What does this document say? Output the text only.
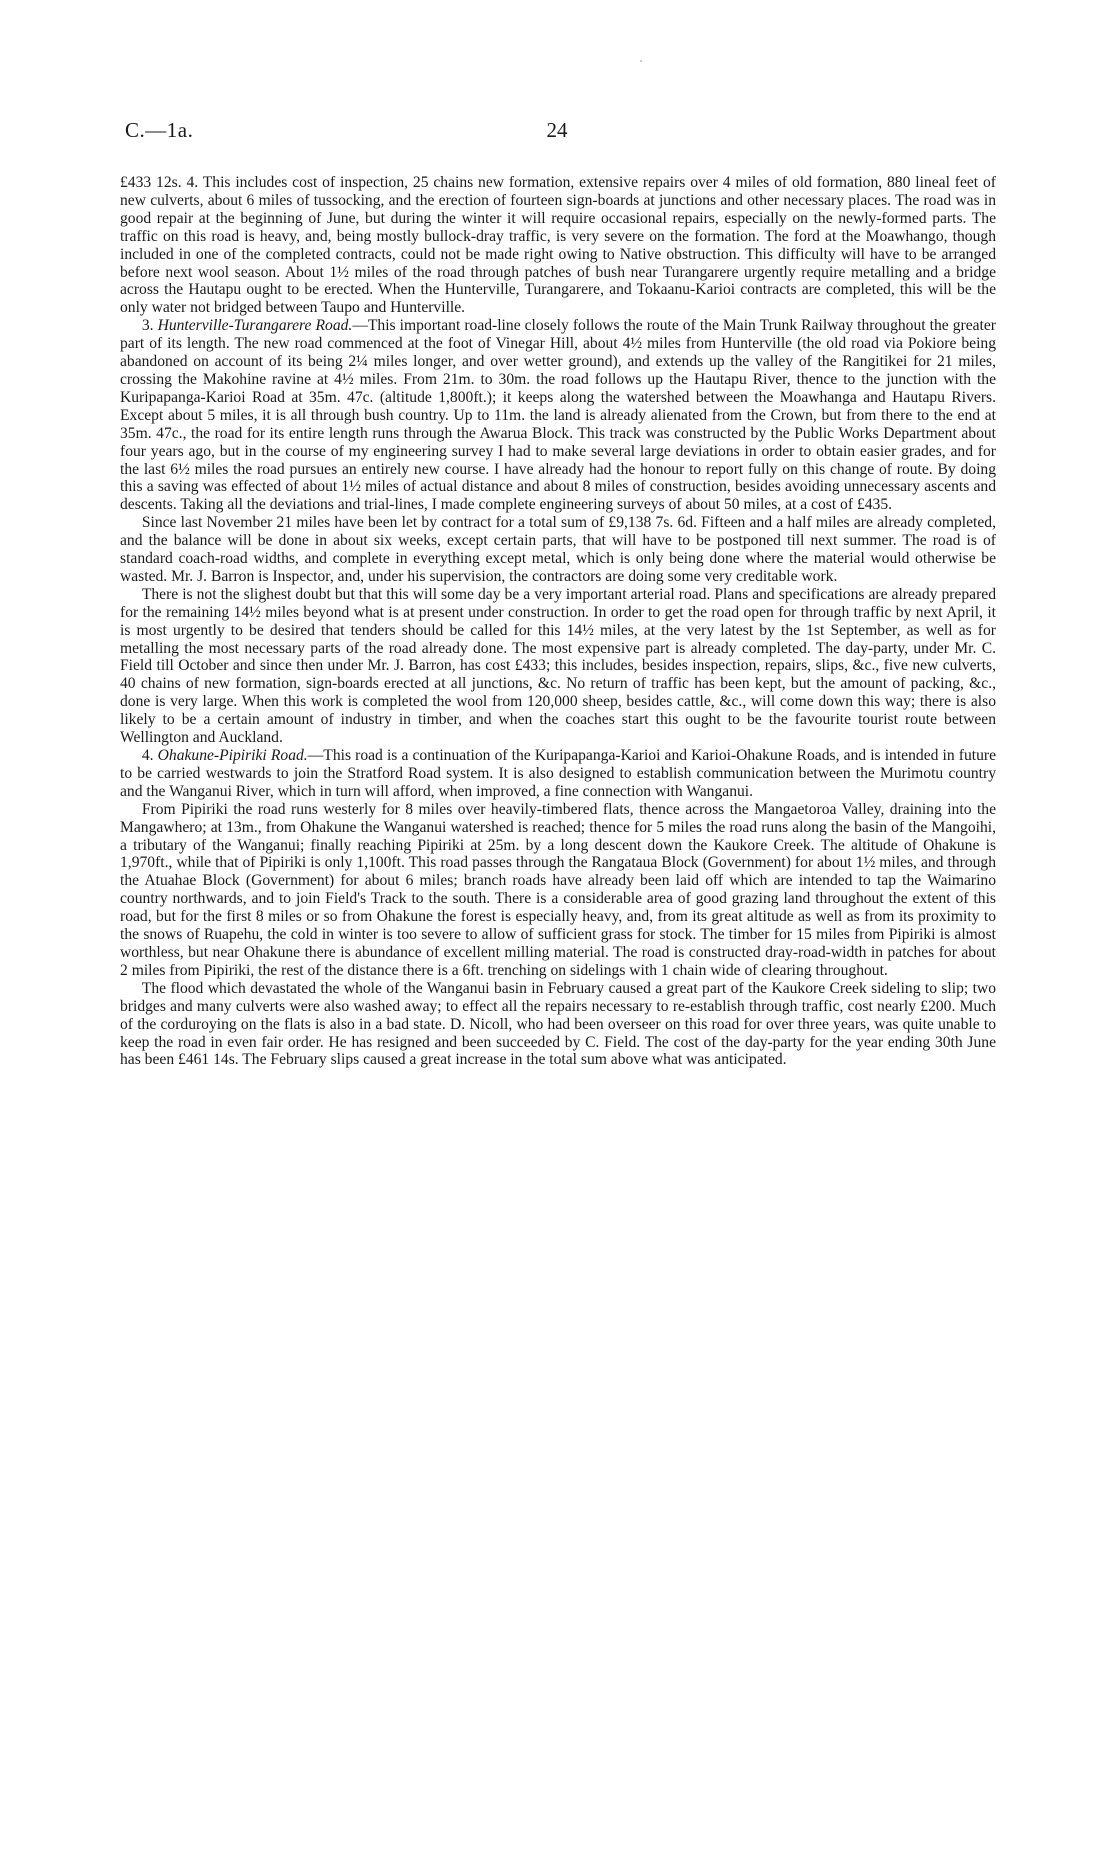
C.—1a.	24

£433 12s. 4. This includes cost of inspection, 25 chains new formation, extensive repairs over 4 miles of old formation, 880 lineal feet of new culverts, about 6 miles of tussocking, and the erection of fourteen sign-boards at junctions and other necessary places. The road was in good repair at the beginning of June, but during the winter it will require occasional repairs, especially on the newly-formed parts. The traffic on this road is heavy, and, being mostly bullock-dray traffic, is very severe on the formation. The ford at the Moawhango, though included in one of the completed contracts, could not be made right owing to Native obstruction. This difficulty will have to be arranged before next wool season. About 1½ miles of the road through patches of bush near Turangarere urgently require metalling and a bridge across the Hautapu ought to be erected. When the Hunterville, Turangarere, and Tokaanu-Karioi contracts are completed, this will be the only water not bridged between Taupo and Hunterville.

3. Hunterville-Turangarere Road.—This important road-line closely follows the route of the Main Trunk Railway throughout the greater part of its length. The new road commenced at the foot of Vinegar Hill, about 4½ miles from Hunterville (the old road via Pokiore being abandoned on account of its being 2¼ miles longer, and over wetter ground), and extends up the valley of the Rangitikei for 21 miles, crossing the Makohine ravine at 4½ miles. From 21m. to 30m. the road follows up the Hautapu River, thence to the junction with the Kuripapanga-Karioi Road at 35m. 47c. (altitude 1,800ft.); it keeps along the watershed between the Moawhanga and Hautapu Rivers. Except about 5 miles, it is all through bush country. Up to 11m. the land is already alienated from the Crown, but from there to the end at 35m. 47c., the road for its entire length runs through the Awarua Block. This track was constructed by the Public Works Department about four years ago, but in the course of my engineering survey I had to make several large deviations in order to obtain easier grades, and for the last 6½ miles the road pursues an entirely new course. I have already had the honour to report fully on this change of route. By doing this a saving was effected of about 1½ miles of actual distance and about 8 miles of construction, besides avoiding unnecessary ascents and descents. Taking all the deviations and trial-lines, I made complete engineering surveys of about 50 miles, at a cost of £435.

Since last November 21 miles have been let by contract for a total sum of £9,138 7s. 6d. Fifteen and a half miles are already completed, and the balance will be done in about six weeks, except certain parts, that will have to be postponed till next summer. The road is of standard coach-road widths, and complete in everything except metal, which is only being done where the material would otherwise be wasted. Mr. J. Barron is Inspector, and, under his supervision, the contractors are doing some very creditable work.

There is not the slighest doubt but that this will some day be a very important arterial road. Plans and specifications are already prepared for the remaining 14½ miles beyond what is at present under construction. In order to get the road open for through traffic by next April, it is most urgently to be desired that tenders should be called for this 14½ miles, at the very latest by the 1st September, as well as for metalling the most necessary parts of the road already done. The most expensive part is already completed. The day-party, under Mr. C. Field till October and since then under Mr. J. Barron, has cost £433; this includes, besides inspection, repairs, slips, &c., five new culverts, 40 chains of new formation, sign-boards erected at all junctions, &c. No return of traffic has been kept, but the amount of packing, &c., done is very large. When this work is completed the wool from 120,000 sheep, besides cattle, &c., will come down this way; there is also likely to be a certain amount of industry in timber, and when the coaches start this ought to be the favourite tourist route between Wellington and Auckland.

4. Ohakune-Pipiriki Road.—This road is a continuation of the Kuripapanga-Karioi and Karioi-Ohakune Roads, and is intended in future to be carried westwards to join the Stratford Road system. It is also designed to establish communication between the Murimotu country and the Wanganui River, which in turn will afford, when improved, a fine connection with Wanganui.

From Pipiriki the road runs westerly for 8 miles over heavily-timbered flats, thence across the Mangaetoroa Valley, draining into the Mangawhero; at 13m., from Ohakune the Wanganui watershed is reached; thence for 5 miles the road runs along the basin of the Mangoihi, a tributary of the Wanganui; finally reaching Pipiriki at 25m. by a long descent down the Kaukore Creek. The altitude of Ohakune is 1,970ft., while that of Pipiriki is only 1,100ft. This road passes through the Rangataua Block (Government) for about 1½ miles, and through the Atuahae Block (Government) for about 6 miles; branch roads have already been laid off which are intended to tap the Waimarino country northwards, and to join Field's Track to the south. There is a considerable area of good grazing land throughout the extent of this road, but for the first 8 miles or so from Ohakune the forest is especially heavy, and, from its great altitude as well as from its proximity to the snows of Ruapehu, the cold in winter is too severe to allow of sufficient grass for stock. The timber for 15 miles from Pipiriki is almost worthless, but near Ohakune there is abundance of excellent milling material. The road is constructed dray-road-width in patches for about 2 miles from Pipiriki, the rest of the distance there is a 6ft. trenching on sidelings with 1 chain wide of clearing throughout.

The flood which devastated the whole of the Wanganui basin in February caused a great part of the Kaukore Creek sideling to slip; two bridges and many culverts were also washed away; to effect all the repairs necessary to re-establish through traffic, cost nearly £200. Much of the corduroying on the flats is also in a bad state. D. Nicoll, who had been overseer on this road for over three years, was quite unable to keep the road in even fair order. He has resigned and been succeeded by C. Field. The cost of the day-party for the year ending 30th June has been £461 14s. The February slips caused a great increase in the total sum above what was anticipated.
